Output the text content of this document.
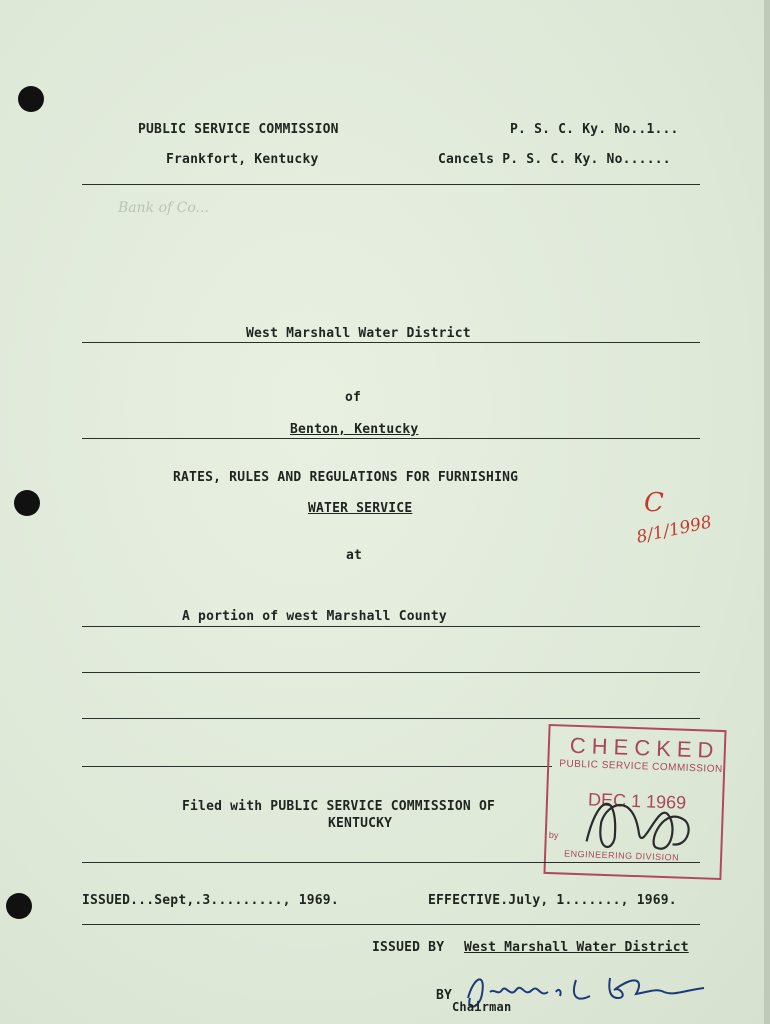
PUBLIC SERVICE COMMISSION	P. S. C. Ky. No..1...
Frankfort, Kentucky	Cancels P. S. C. Ky. No......
Bank of Co...
West Marshall Water District
of
Benton, Kentucky
RATES, RULES AND REGULATIONS FOR FURNISHING
WATER SERVICE
at
C
8/1/1998
A portion of west Marshall County
Filed with PUBLIC SERVICE COMMISSION OF
KENTUCKY
CHECKED
PUBLIC SERVICE COMMISSION
DEC 1 1969
by
ENGINEERING DIVISION
ISSUED...Sept,.3........., 1969.	EFFECTIVE.July, 1......., 1969.
ISSUED BY West Marshall Water District
BY
Chairman
